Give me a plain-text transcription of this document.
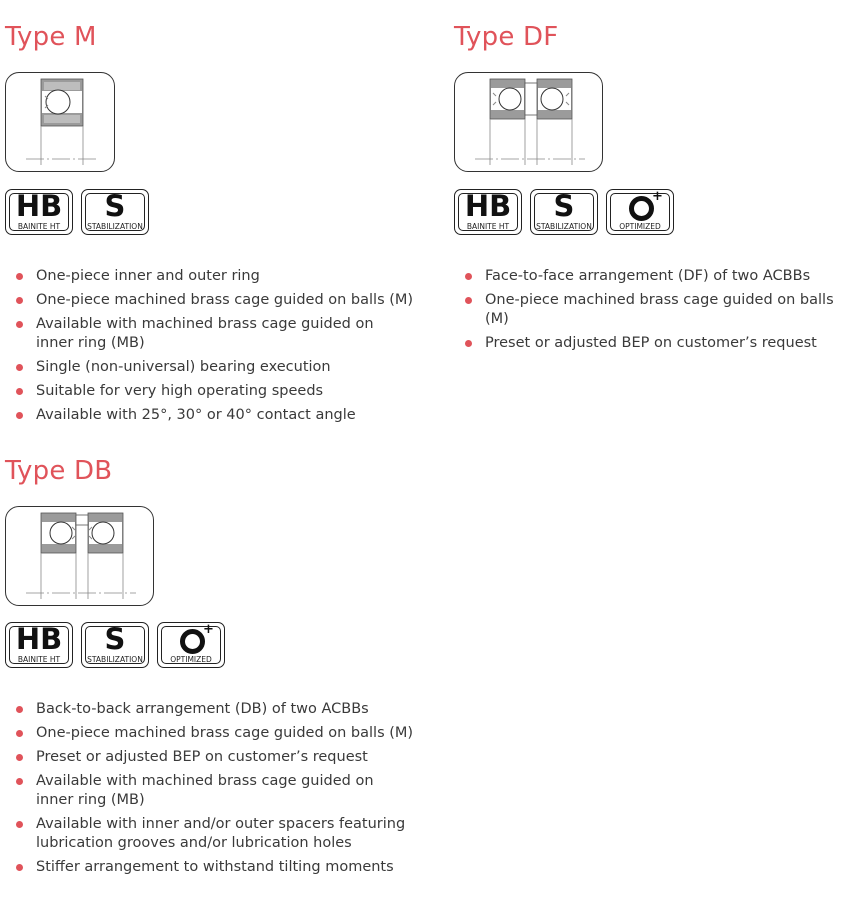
Type M
HB
BAINITE HT
S
STABILIZATION
One-piece inner and outer ring
One-piece machined brass cage guided on balls (M)
Available with machined brass cage guided on inner ring (MB)
Single (non-universal) bearing execution
Suitable for very high operating speeds
Available with 25°, 30° or 40° contact angle
Type DF
HB
BAINITE HT
S
STABILIZATION
+
OPTIMIZED
Face-to-face arrangement (DF) of two ACBBs
One-piece machined brass cage guided on balls (M)
Preset or adjusted BEP on customer’s request
Type DB
HB
BAINITE HT
S
STABILIZATION
+
OPTIMIZED
Back-to-back arrangement (DB) of two ACBBs
One-piece machined brass cage guided on balls (M)
Preset or adjusted BEP on customer’s request
Available with machined brass cage guided on inner ring (MB)
Available with inner and/or outer spacers featuring lubrication grooves and/or lubrication holes
Stiffer arrangement to withstand tilting moments
